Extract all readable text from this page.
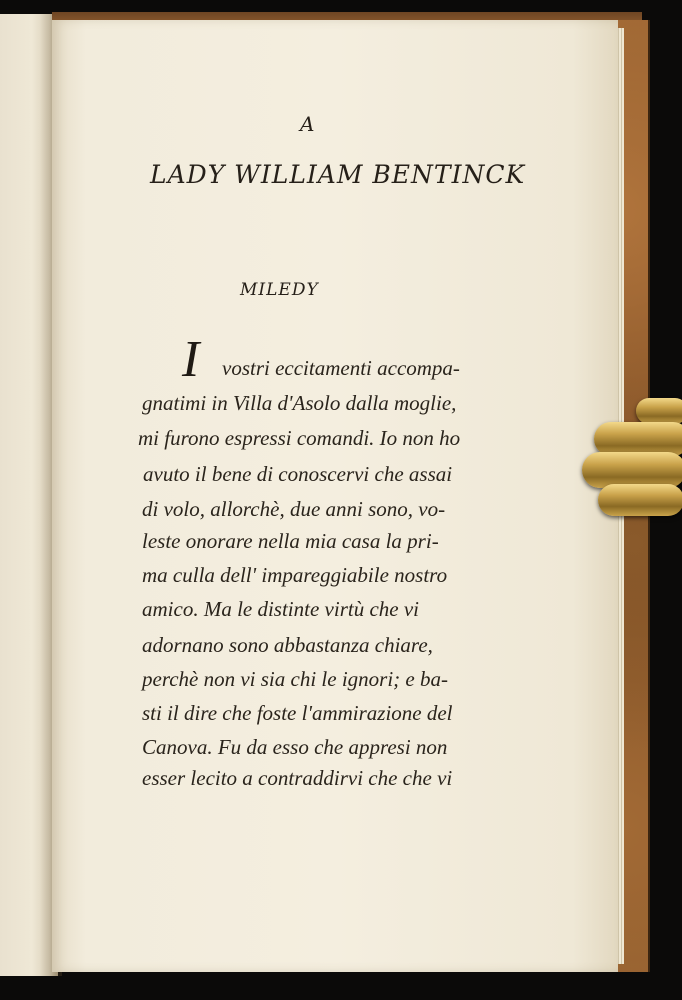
A
LADY WILLIAM BENTINCK
MILEDY
I vostri eccitamenti accompa-
gnatimi in Villa d'Asolo dalla moglie,
mi furono espressi comandi. Io non ho
avuto il bene di conoscervi che assai
di volo, allorchè, due anni sono, vo-
leste onorare nella mia casa la pri-
ma culla dell' impareggiabile nostro
amico. Ma le distinte virtù che vi
adornano sono abbastanza chiare,
perchè non vi sia chi le ignori; e ba-
sti il dire che foste l'ammirazione del
Canova. Fu da esso che appresi non
esser lecito a contraddirvi che che vi
